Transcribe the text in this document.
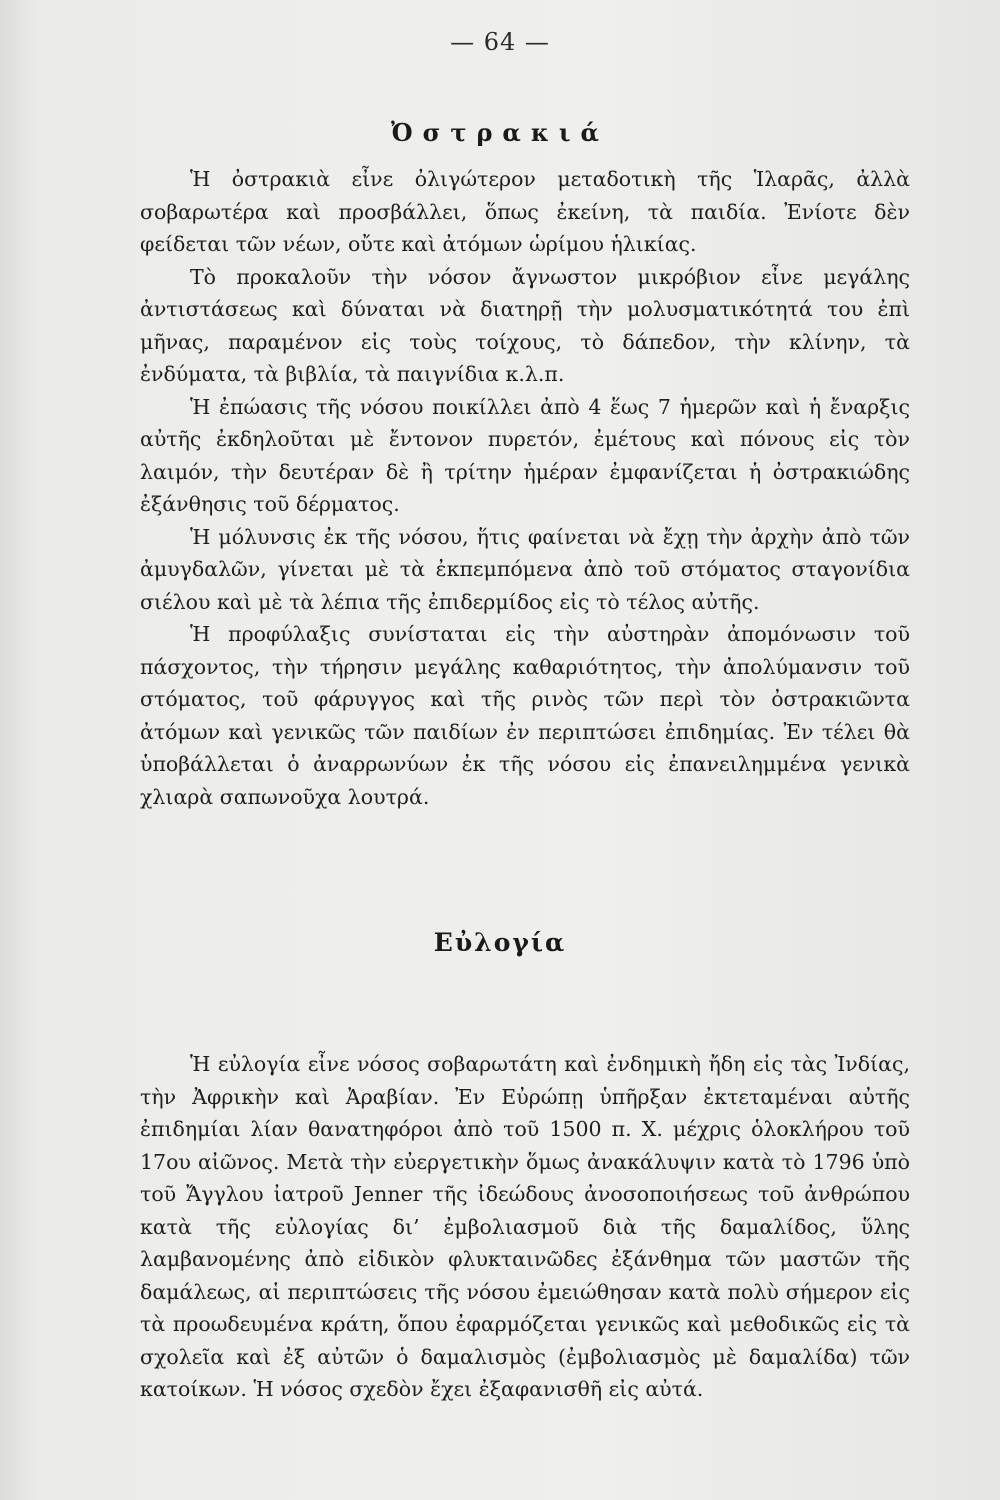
— 64 —
Ὀστρακιά

Ἡ ὀστρακιὰ εἶνε ὀλιγώτερον μεταδοτικὴ τῆς Ἱλαρᾶς, ἀλλὰ σοβαρωτέρα καὶ προσβάλλει, ὅπως ἐκείνη, τὰ παιδία. Ἐνίοτε δὲν φείδεται τῶν νέων, οὔτε καὶ ἀτόμων ὡρίμου ἡλικίας.

Τὸ προκαλοῦν τὴν νόσον ἄγνωστον μικρόβιον εἶνε μεγάλης ἀντιστάσεως καὶ δύναται νὰ διατηρῇ τὴν μολυσματικότητά του ἐπὶ μῆνας, παραμένον εἰς τοὺς τοίχους, τὸ δάπεδον, τὴν κλίνην, τὰ ἐνδύματα, τὰ βιβλία, τὰ παιγνίδια κ.λ.π.

Ἡ ἐπώασις τῆς νόσου ποικίλλει ἀπὸ 4 ἕως 7 ἡμερῶν καὶ ἡ ἔναρξις αὐτῆς ἐκδηλοῦται μὲ ἔντονον πυρετόν, ἐμέτους καὶ πόνους εἰς τὸν λαιμόν, τὴν δευτέραν δὲ ἢ τρίτην ἡμέραν ἐμφανίζεται ἡ ὀστρακιώδης ἐξάνθησις τοῦ δέρματος.

Ἡ μόλυνσις ἐκ τῆς νόσου, ἥτις φαίνεται νὰ ἔχῃ τὴν ἀρχὴν ἀπὸ τῶν ἀμυγδαλῶν, γίνεται μὲ τὰ ἐκπεμπόμενα ἀπὸ τοῦ στόματος σταγονίδια σιέλου καὶ μὲ τὰ λέπια τῆς ἐπιδερμίδος εἰς τὸ τέλος αὐτῆς.

Ἡ προφύλαξις συνίσταται εἰς τὴν αὐστηρὰν ἀπομόνωσιν τοῦ πάσχοντος, τὴν τήρησιν μεγάλης καθαριότητος, τὴν ἀπολύμανσιν τοῦ στόματος, τοῦ φάρυγγος καὶ τῆς ρινὸς τῶν περὶ τὸν ὀστρακιῶντα ἀτόμων καὶ γενικῶς τῶν παιδίων ἐν περιπτώσει ἐπιδημίας. Ἐν τέλει θὰ ὑποβάλλεται ὁ ἀναρρωνύων ἐκ τῆς νόσου εἰς ἐπανειλημμένα γενικὰ χλιαρὰ σαπωνοῦχα λουτρά.

Εὐλογία

Ἡ εὐλογία εἶνε νόσος σοβαρωτάτη καὶ ἐνδημικὴ ἤδη εἰς τὰς Ἰνδίας, τὴν Ἀφρικὴν καὶ Ἀραβίαν. Ἐν Εὐρώπῃ ὑπῆρξαν ἐκτεταμέναι αὐτῆς ἐπιδημίαι λίαν θανατηφόροι ἀπὸ τοῦ 1500 π. Χ. μέχρις ὁλοκλήρου τοῦ 17ου αἰῶνος. Μετὰ τὴν εὐεργετικὴν ὅμως ἀνακάλυψιν κατὰ τὸ 1796 ὑπὸ τοῦ Ἄγγλου ἰατροῦ Jenner τῆς ἰδεώδους ἀνοσοποιήσεως τοῦ ἀνθρώπου κατὰ τῆς εὐλογίας δι’ ἐμβολιασμοῦ διὰ τῆς δαμαλίδος, ὕλης λαμβανομένης ἀπὸ εἰδικὸν φλυκταινῶδες ἐξάνθημα τῶν μαστῶν τῆς δαμάλεως, αἱ περιπτώσεις τῆς νόσου ἐμειώθησαν κατὰ πολὺ σήμερον εἰς τὰ προωδευμένα κράτη, ὅπου ἐφαρμόζεται γενικῶς καὶ μεθοδικῶς εἰς τὰ σχολεῖα καὶ ἐξ αὐτῶν ὁ δαμαλισμὸς (ἐμβολιασμὸς μὲ δαμαλίδα) τῶν κατοίκων. Ἡ νόσος σχεδὸν ἔχει ἐξαφανισθῆ εἰς αὐτά.
